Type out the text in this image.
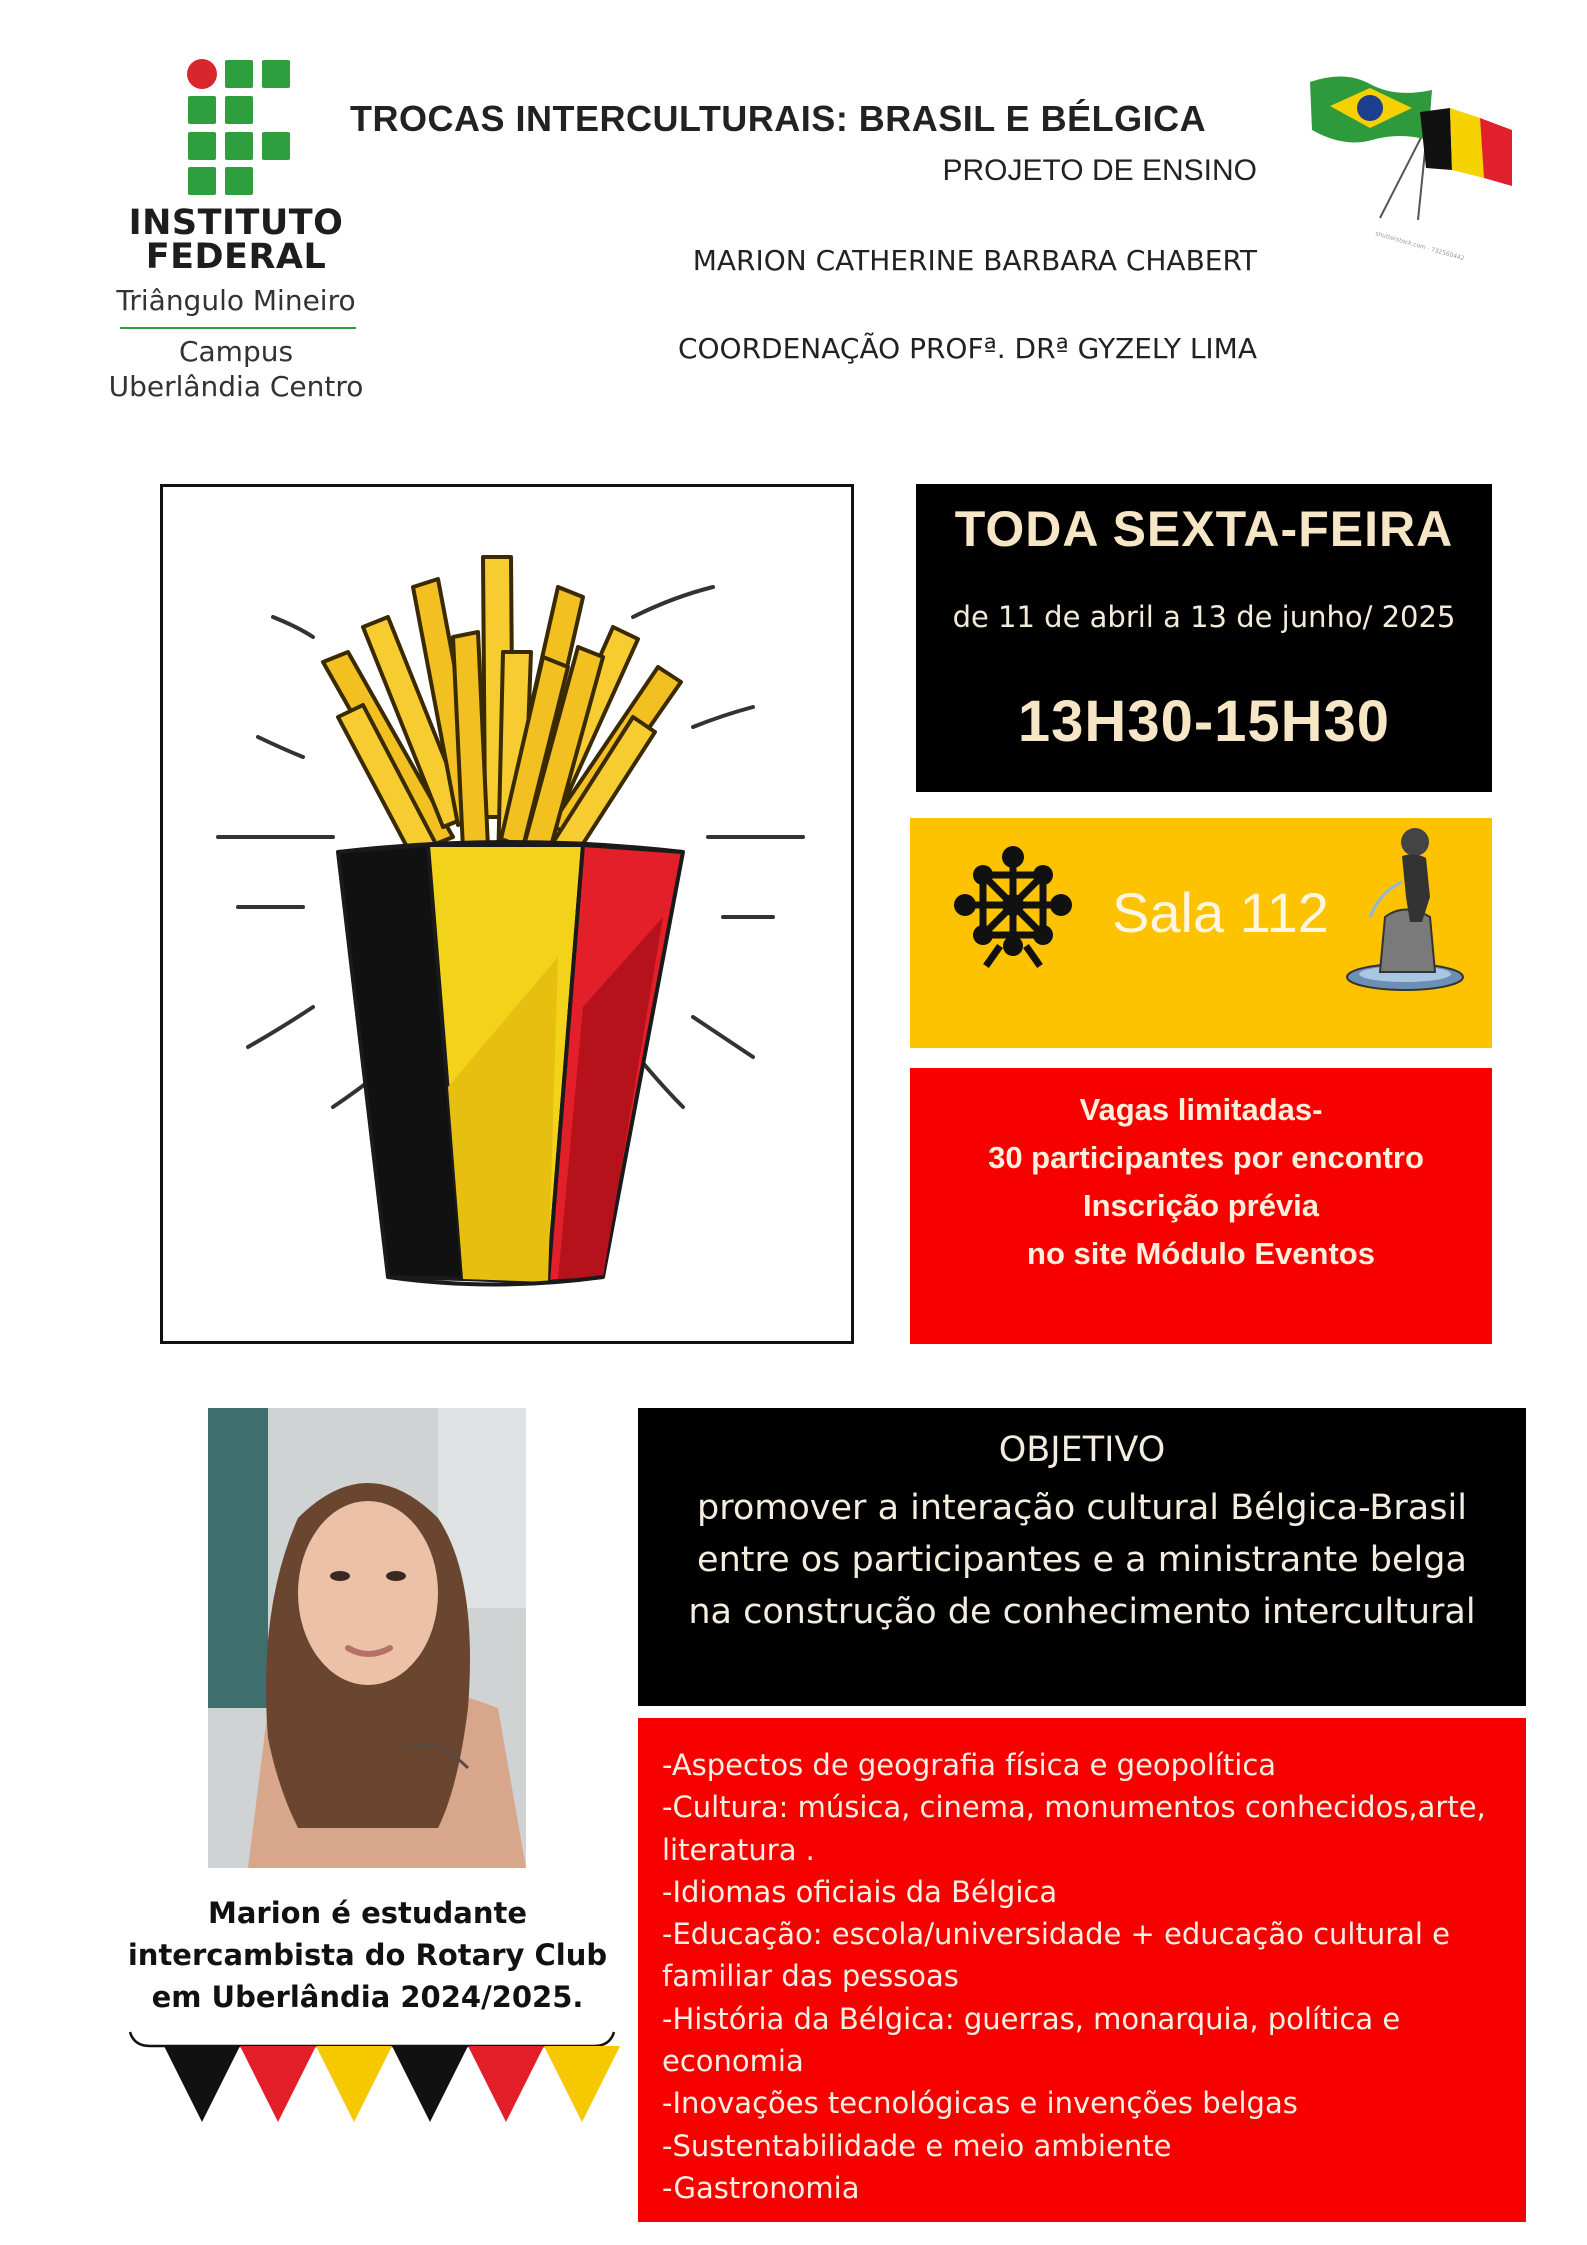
INSTITUTO
FEDERAL
Triângulo Mineiro
Campus
Uberlândia Centro
TROCAS INTERCULTURAIS: BRASIL E BÉLGICA
PROJETO DE ENSINO
MARION CATHERINE BARBARA CHABERT
COORDENAÇÃO PROFª. DRª GYZELY LIMA
shutterstock.com · 732560442
TODA SEXTA-FEIRA
de 11 de abril a 13 de junho/ 2025
13H30-15H30
Sala 112
Vagas limitadas-
30 participantes por encontro
Inscrição prévia
no site Módulo Eventos
Marion é estudante
intercambista do Rotary Club
em Uberlândia 2024/2025.
OBJETIVO
promover a interação cultural Bélgica-Brasil entre os participantes e a ministrante belga na construção de conhecimento intercultural
-Aspectos de geografia física e geopolítica
-Cultura: música, cinema, monumentos conhecidos,arte, literatura .
-Idiomas oficiais da Bélgica
-Educação: escola/universidade + educação cultural e familiar das pessoas
-História da Bélgica: guerras, monarquia, política e economia
-Inovações tecnológicas e invenções belgas
-Sustentabilidade e meio ambiente
-Gastronomia
